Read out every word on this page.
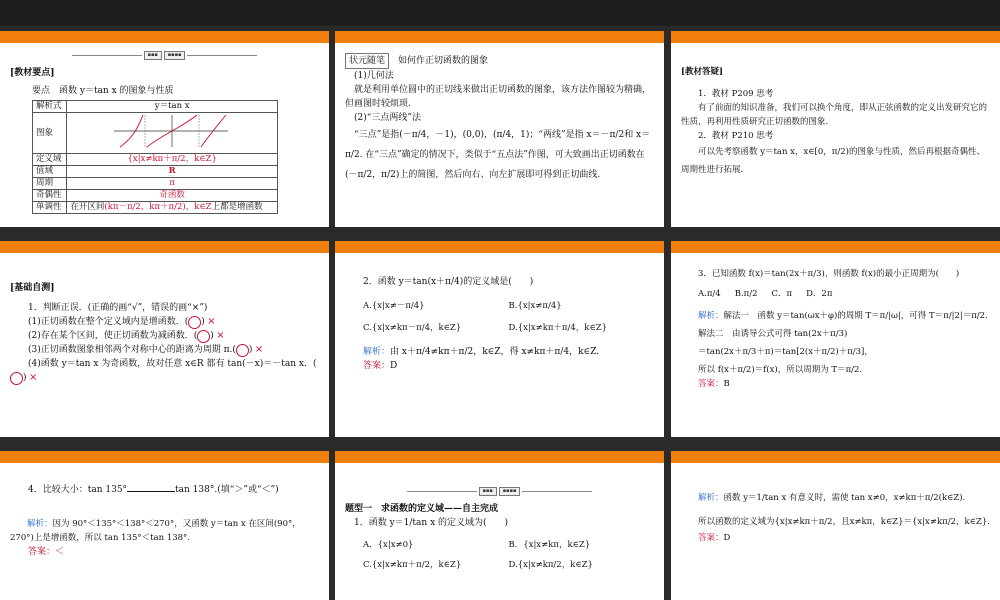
▪▪▪	▪▪▪▪
[教材要点]
要点　函数 y＝tan x 的图象与性质
解析式	y＝tan x
图象	
定义域	{x|x≠kπ＋π/2，k∈Z}
值域	R
周期	π
奇偶性	奇函数
单调性	在开区间(kπ－π/2，kπ＋π/2)，k∈Z上都是增函数
状元随笔　 如何作正切函数的图象
(1)几何法
就是利用单位圆中的正切线来做出正切函数的图象，该方法作图较为精确，但画图时较烦琐.
(2)“三点两线”法
“三点”是指(－π/4，－1)，(0,0)，(π/4，1)；“两线”是指 x＝－π/2和 x＝π/2. 在“三点”确定的情况下，类似于“五点法”作图，可大致画出正切函数在(－π/2，π/2)上的简图，然后向右、向左扩展即可得到正切曲线.
[教材答疑]
1．教材 P209 思考
有了前面的知识准备，我们可以换个角度，即从正弦函数的定义出发研究它的性质，再利用性质研究正切函数的图象.
2．教材 P210 思考
可以先考察函数 y＝tan x，x∈[0，π/2)的图象与性质，然后再根据奇偶性、周期性进行拓展.
[基础自测]
1．判断正误．(正确的画“√”，错误的画“×”)
(1)正切函数在整个定义域内是增函数．( ×)
(2)存在某个区间，使正切函数为减函数．( ×)
(3)正切函数图象相邻两个对称中心的距离为周期 π.( ×)
(4)函数 y＝tan x 为奇函数，故对任意 x∈R 都有 tan(－x)＝－tan x．(×)
2．函数 y＝tan(x＋π/4)的定义域是(　　)
A.{x|x≠－π/4}	B.{x|x≠π/4}
C.{x|x≠kπ－π/4，k∈Z}	D.{x|x≠kπ＋π/4，k∈Z}
解析：由 x＋π/4≠kπ＋π/2，k∈Z，得 x≠kπ＋π/4，k∈Z.
答案：D
3．已知函数 f(x)＝tan(2x＋π/3)，则函数 f(x)的最小正周期为(　　)
A.π/4 B.π/2 C．π D．2π
解析：解法一　函数 y＝tan(ωx＋φ)的周期 T＝π/|ω|，可得 T＝π/|2|＝π/2.
解法二　由诱导公式可得 tan(2x＋π/3)
＝tan(2x＋π/3＋π)＝tan[2(x＋π/2)＋π/3]，
所以 f(x＋π/2)＝f(x)，所以周期为 T＝π/2.
答案：B
4．比较大小：tan 135°	tan 138°.(填“＞”或“＜”)
解析：因为 90°＜135°＜138°＜270°，又函数 y＝tan x 在区间(90°，270°)上是增函数，所以 tan 135°＜tan 138°.
答案：＜
▪▪▪	▪▪▪▪
题型一　求函数的定义域——自主完成
1．函数 y＝1/tan x 的定义域为(　　)
A．{x|x≠0}	B．{x|x≠kπ，k∈Z}
C.{x|x≠kπ＋π/2，k∈Z}	D.{x|x≠kπ/2，k∈Z}
解析：函数 y＝1/tan x 有意义时，需使 tan x≠0，x≠kπ＋π/2(k∈Z).
所以函数的定义域为{x|x≠kπ＋π/2，且x≠kπ，k∈Z}＝{x|x≠kπ/2，k∈Z}.
答案：D
